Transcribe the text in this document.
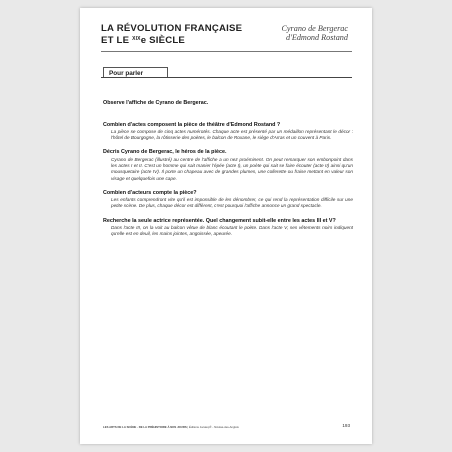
LA RÉVOLUTION FRANÇAISE
ET LE $^{XIX}$e SIÈCLE
Cyrano de Bergerac
d'Edmond Rostand
Pour parler
Observe l'affiche de Cyrano de Bergerac.
Combien d'actes composent la pièce de théâtre d'Edmond Rostand ?
La pièce se compose de cinq actes numérotés. Chaque acte est présenté par un médaillon représentant le décor : l'hôtel de Bourgogne, la rôtisserie des poètes, le balcon de Roxane, le siège d'Arras et un couvent à Paris.
Décris Cyrano de Bergerac, le héros de la pièce.
Cyrano de Bergerac (illustré) au centre de l'affiche a un nez proéminent. On peut remarquer son embonpoint dans les actes I et II. C'est un homme qui sait manier l'épée (acte I), un poète qui sait se faire écouter (acte II) ainsi qu'un mousquetaire (acte IV). Il porte un chapeau avec de grandes plumes, une collerette ou fraise mettant en valeur son visage et quelquefois une cape.
Combien d'acteurs compte la pièce?
Les enfants comprendront vite qu'il est impossible de les dénombrer, ce qui rend la représentation difficile sur une petite scène. De plus, chaque décor est différent, c'est pourquoi l'affiche annonce un grand spectacle.
Recherche la seule actrice représentée. Quel changement subit-elle entre les actes III et V?
Dans l'acte III, on la voit au balcon vêtue de blanc écoutant le poète. Dans l'acte V, ses vêtements noirs indiquent qu'elle est en deuil, les mains jointes, angoissée, apeurée.
LES ARTS DE LA SCÈNE - DE LA PRÉHISTOIRE À NOS JOURS | Éditions Jocatop® - Nicolas-des-Anglois	193
